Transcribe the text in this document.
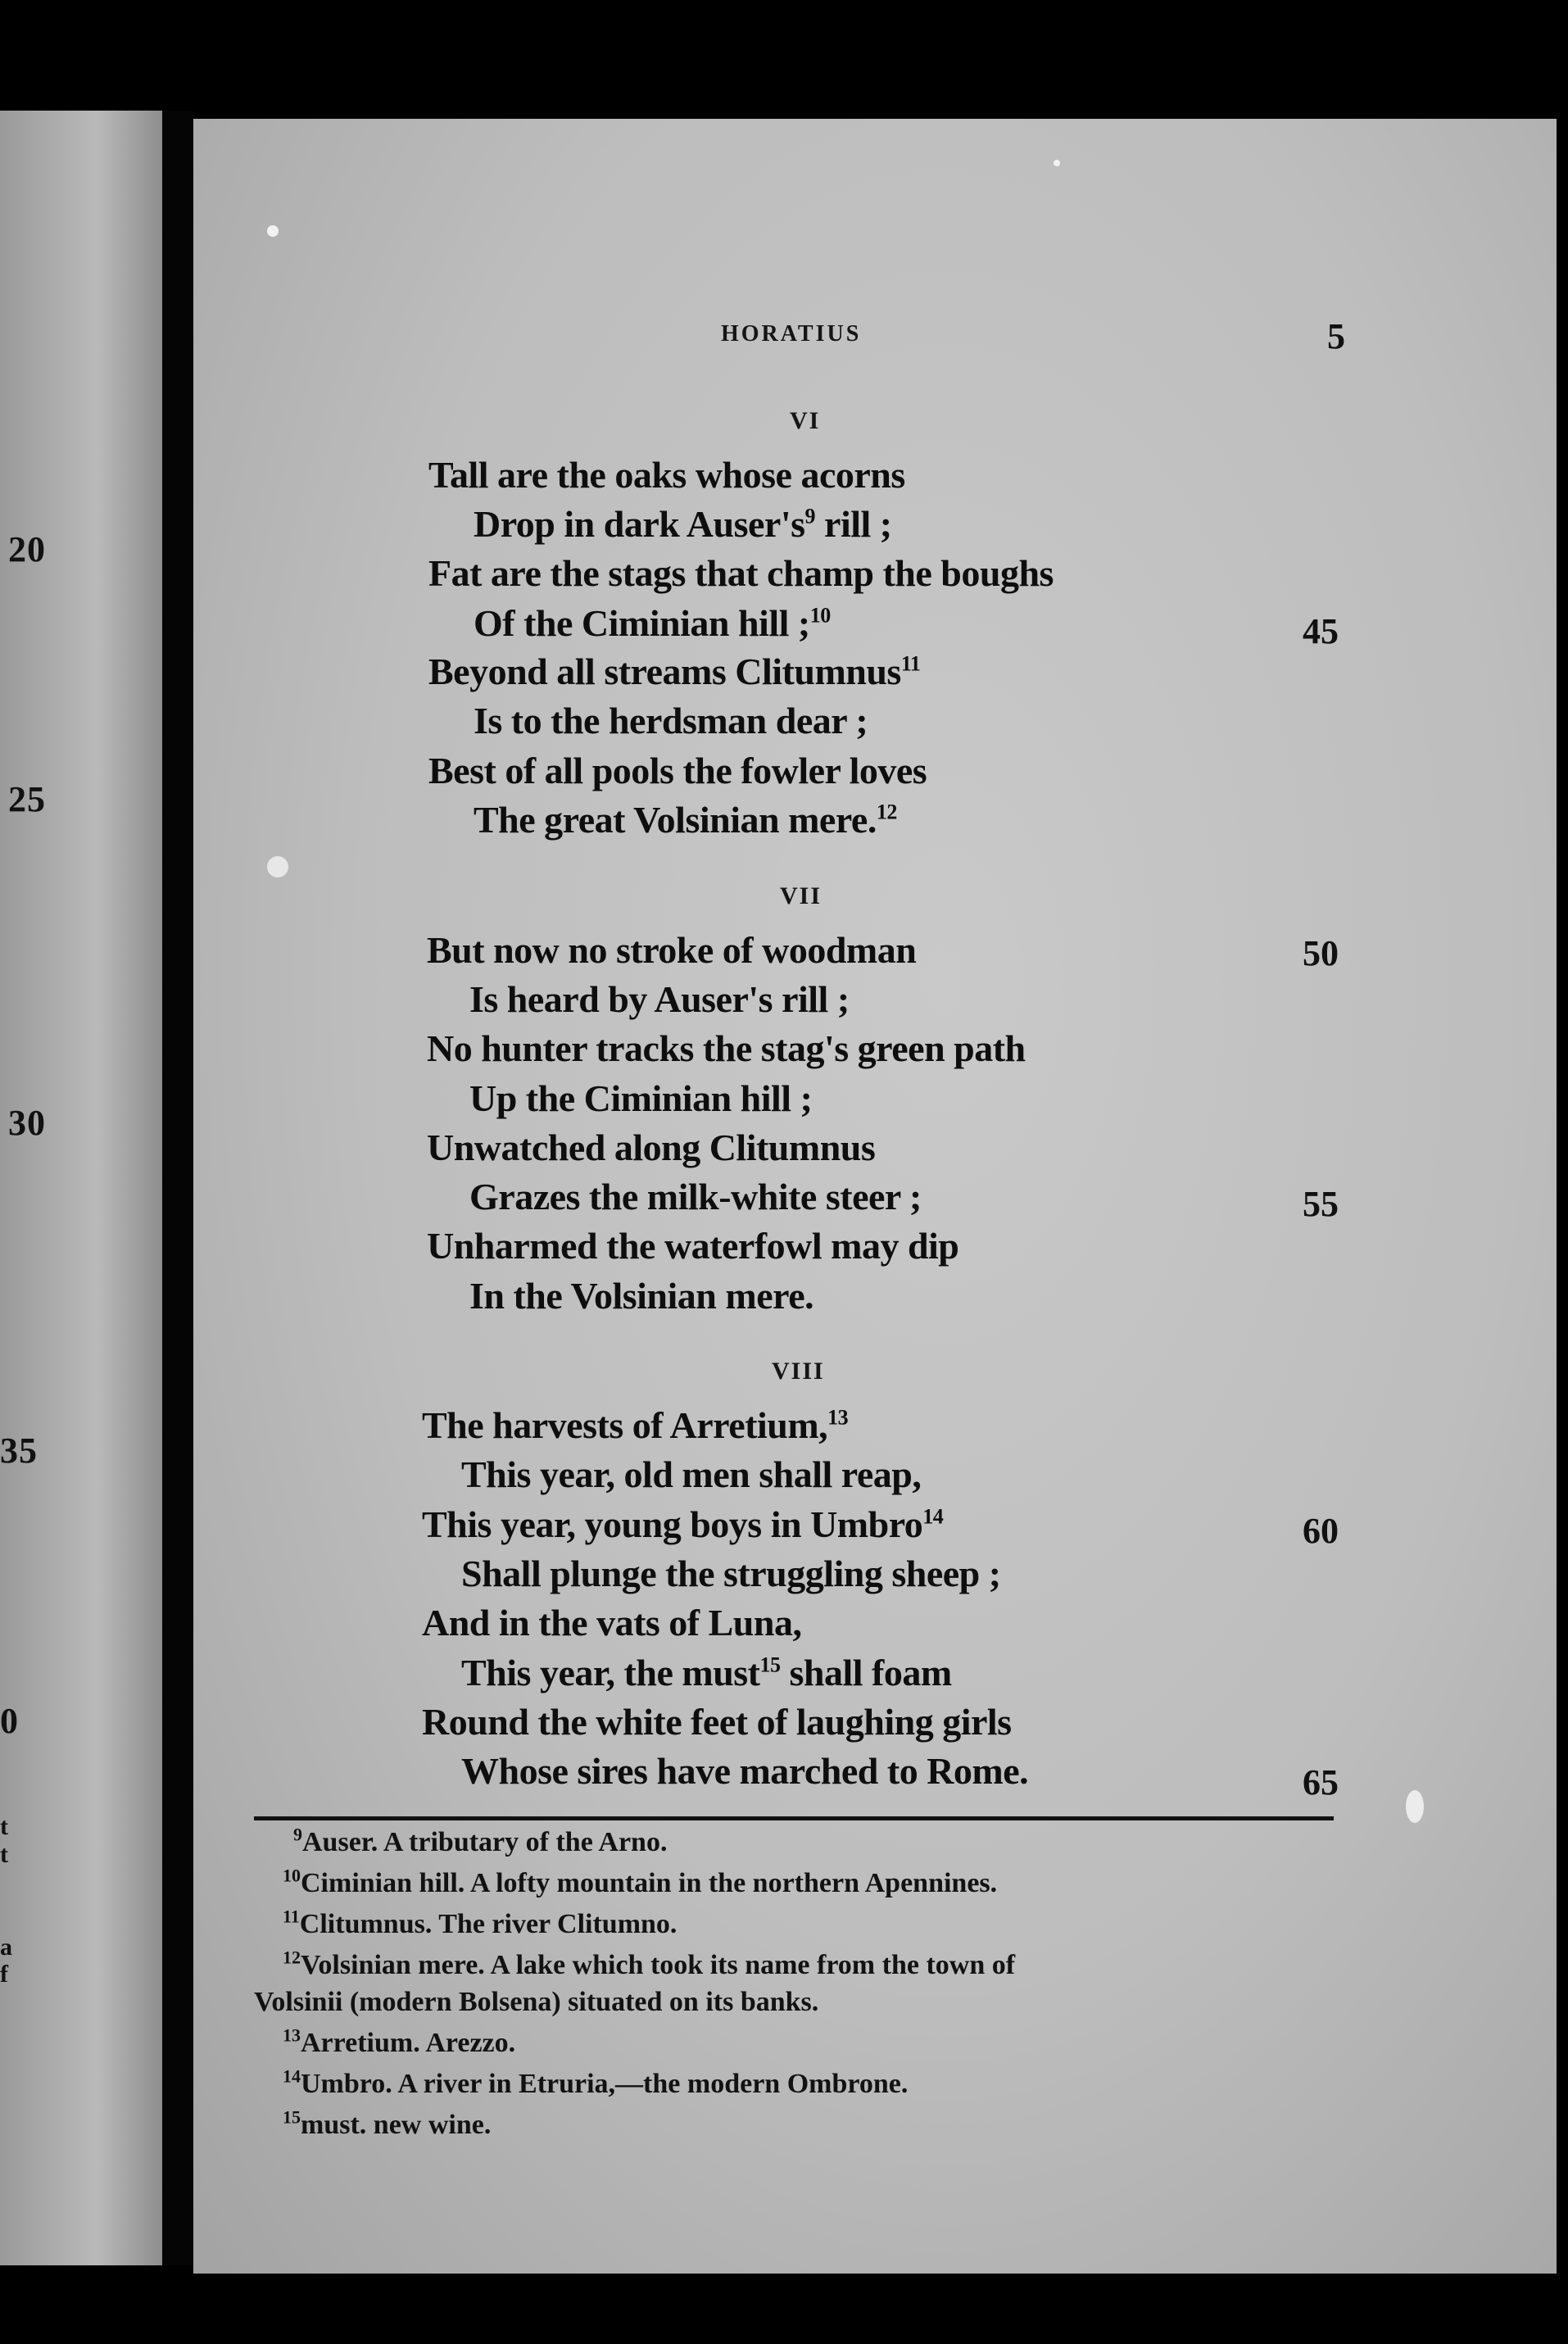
20
25
30
35
0
t
t
a
f
HORATIUS	5
VI
Tall are the oaks whose acorns
Drop in dark $Auser's^9$ rill ;
Fat are the stags that champ the boughs
Of the Ciminian hill ;$^{10}$	45
Beyond all streams Clitumnus$^{11}$
Is to the herdsman dear ;
Best of all pools the fowler loves
The great Volsinian mere.$^{12}$
VII
But now no stroke of woodman	50
Is heard by Auser's rill ;
No hunter tracks the stag's green path
Up the Ciminian hill ;
Unwatched along Clitumnus
Grazes the milk-white steer ;	55
Unharmed the waterfowl may dip
In the Volsinian mere.
VIII
The harvests of Arretium,$^{13}$
This year, old men shall reap,
This year, young boys in Umbro$^{14}$	60
Shall plunge the struggling sheep ;
And in the vats of Luna,
This year, the must$^{15}$ shall foam
Round the white feet of laughing girls
Whose sires have marched to Rome.	65
$^9$Auser. A tributary of the Arno.
$^{10}$Ciminian hill. A lofty mountain in the northern Apennines.
$^{11}$Clitumnus. The river Clitumno.
$^{12}$Volsinian mere. A lake which took its name from the town of
Volsinii (modern Bolsena) situated on its banks.
$^{13}$Arretium. Arezzo.
$^{14}$Umbro. A river in Etruria,—the modern Ombrone.
$^{15}$must. new wine.
